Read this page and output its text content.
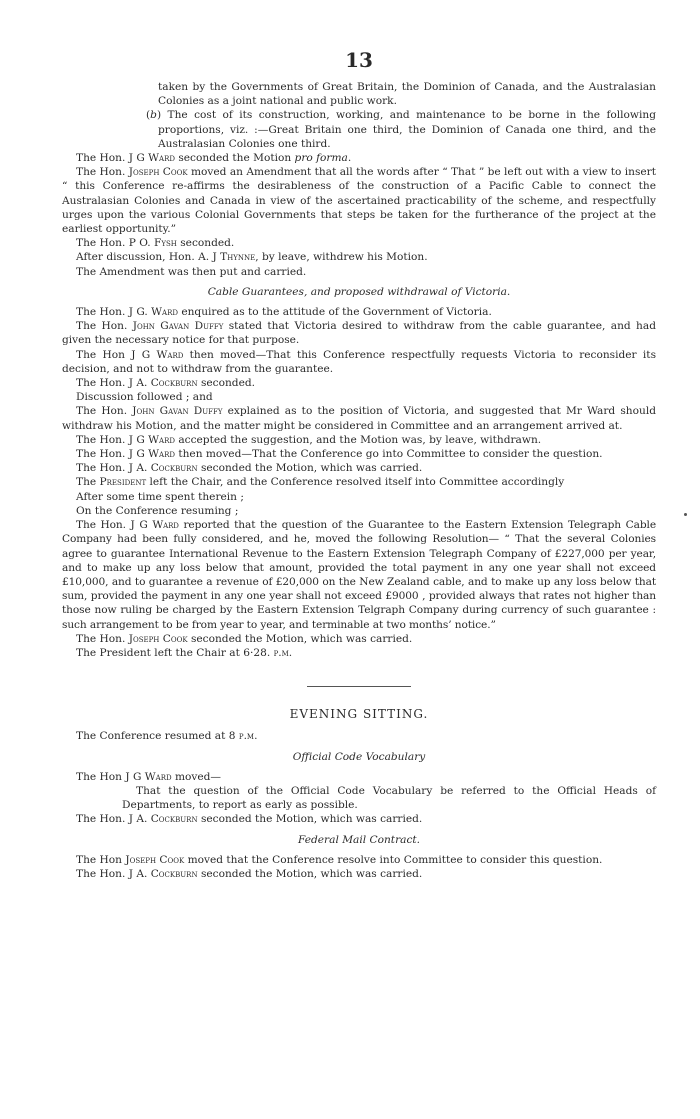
13

taken by the Governments of Great Britain, the Dominion of Canada, and the Australasian Colonies as a joint national and public work.

(b) The cost of its construction, working, and maintenance to be borne in the following proportions, viz. :—Great Britain one third, the Dominion of Canada one third, and the Australasian Colonies one third.

The Hon. J G Ward seconded the Motion pro forma.

The Hon. Joseph Cook moved an Amendment that all the words after “ That ” be left out with a view to insert “ this Conference re-affirms the desirableness of the construction of a Pacific Cable to connect the Australasian Colonies and Canada in view of the ascertained practicability of the scheme, and respectfully urges upon the various Colonial Governments that steps be taken for the furtherance of the project at the earliest opportunity.”

The Hon. P O. Fysh seconded.

After discussion, Hon. A. J Thynne, by leave, withdrew his Motion.

The Amendment was then put and carried.

Cable Guarantees, and proposed withdrawal of Victoria.

The Hon. J G. Ward enquired as to the attitude of the Government of Victoria.

The Hon. John Gavan Duffy stated that Victoria desired to withdraw from the cable guarantee, and had given the necessary notice for that purpose.

The Hon J G Ward then moved—That this Conference respectfully requests Victoria to reconsider its decision, and not to withdraw from the guarantee.

The Hon. J A. Cockburn seconded.

Discussion followed ; and

The Hon. John Gavan Duffy explained as to the position of Victoria, and suggested that Mr Ward should withdraw his Motion, and the matter might be considered in Committee and an arrangement arrived at.

The Hon. J G Ward accepted the suggestion, and the Motion was, by leave, withdrawn.

The Hon. J G Ward then moved—That the Conference go into Committee to consider the question.

The Hon. J A. Cockburn seconded the Motion, which was carried.

The President left the Chair, and the Conference resolved itself into Committee accordingly

After some time spent therein ;

On the Conference resuming ;

The Hon. J G Ward reported that the question of the Guarantee to the Eastern Extension Telegraph Cable Company had been fully considered, and he, moved the following Resolution— “ That the several Colonies agree to guarantee International Revenue to the Eastern Extension Telegraph Company of £227,000 per year, and to make up any loss below that amount, provided the total payment in any one year shall not exceed £10,000, and to guarantee a revenue of £20,000 on the New Zealand cable, and to make up any loss below that sum, provided the payment in any one year shall not exceed £9000 , provided always that rates not higher than those now ruling be charged by the Eastern Extension Telgraph Company during currency of such guarantee : such arrangement to be from year to year, and terminable at two months’ notice.”

The Hon. Joseph Cook seconded the Motion, which was carried.

The President left the Chair at 6·28. p.m.

EVENING SITTING.

The Conference resumed at 8 p.m.

Official Code Vocabulary

The Hon J G Ward moved—

That the question of the Official Code Vocabulary be referred to the Official Heads of Departments, to report as early as possible.

The Hon. J A. Cockburn seconded the Motion, which was carried.

Federal Mail Contract.

The Hon Joseph Cook moved that the Conference resolve into Committee to consider this question.

The Hon. J A. Cockburn seconded the Motion, which was carried.
